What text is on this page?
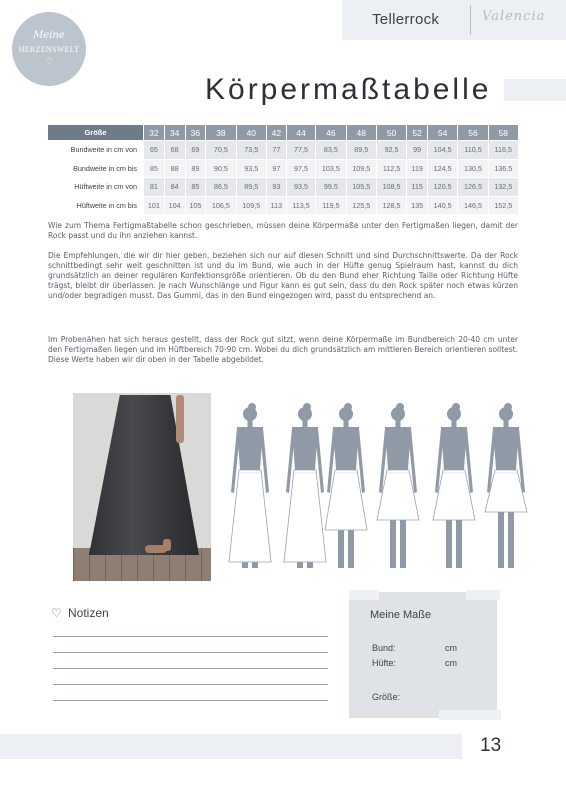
Tellerrock	Valencia
Meine
HERZENSWELT
♡
Körpermaßtabelle
Größe	32	34	36	38	40	42	44	46	48	50	52	54	56	58
Bundweite in cm von	65	68	69	70,5	73,5	77	77,5	83,5	89,5	92,5	99	104,5	110,5	116,5
Bundweite in cm bis	85	88	89	90,5	93,5	97	97,5	103,5	109,5	112,5	119	124,5	130,5	136,5
Hüftweite in cm von	81	84	85	86,5	89,5	93	93,5	99,5	105,5	108,5	115	120,5	126,5	132,5
Hüftweite in cm bis	101	104	105	106,5	109,5	113	113,5	119,5	125,5	128,5	135	140,5	146,5	152,5

Wie zum Thema Fertigmaßtabelle schon geschrieben, müssen deine Körpermaße unter den Fertigmaßen liegen, damit der Rock passt und du ihn anziehen kannst.

Die Empfehlungen, die wir dir hier geben, beziehen sich nur auf diesen Schnitt und sind Durchschnittswerte. Da der Rock schnittbedingt sehr weit geschnitten ist und du im Bund, wie auch in der Hüfte genug Spielraum hast, kannst du dich grundsätzlich an deiner regulären Konfektionsgröße orientieren. Ob du den Bund eher Richtung Taille oder Richtung Hüfte trägst, bleibt dir überlassen. Je nach Wunschlänge und Figur kann es gut sein, dass du den Rock später noch etwas kürzen und/oder begradigen musst. Das Gummi, das in den Bund eingezogen wird, passt du entsprechend an.

Im Probenähen hat sich heraus gestellt, dass der Rock gut sitzt, wenn deine Körpermaße im Bundbereich 20-40 cm unter den Fertigmaßen liegen und im Hüftbereich 70-90 cm. Wobei du dich grundsätzlich am mittleren Bereich orientieren solltest. Diese Werte haben wir dir oben in der Tabelle abgebildet.

♡ Notizen	Meine Maße
Bund:	cm
Hüfte:	cm
Größe:
13
